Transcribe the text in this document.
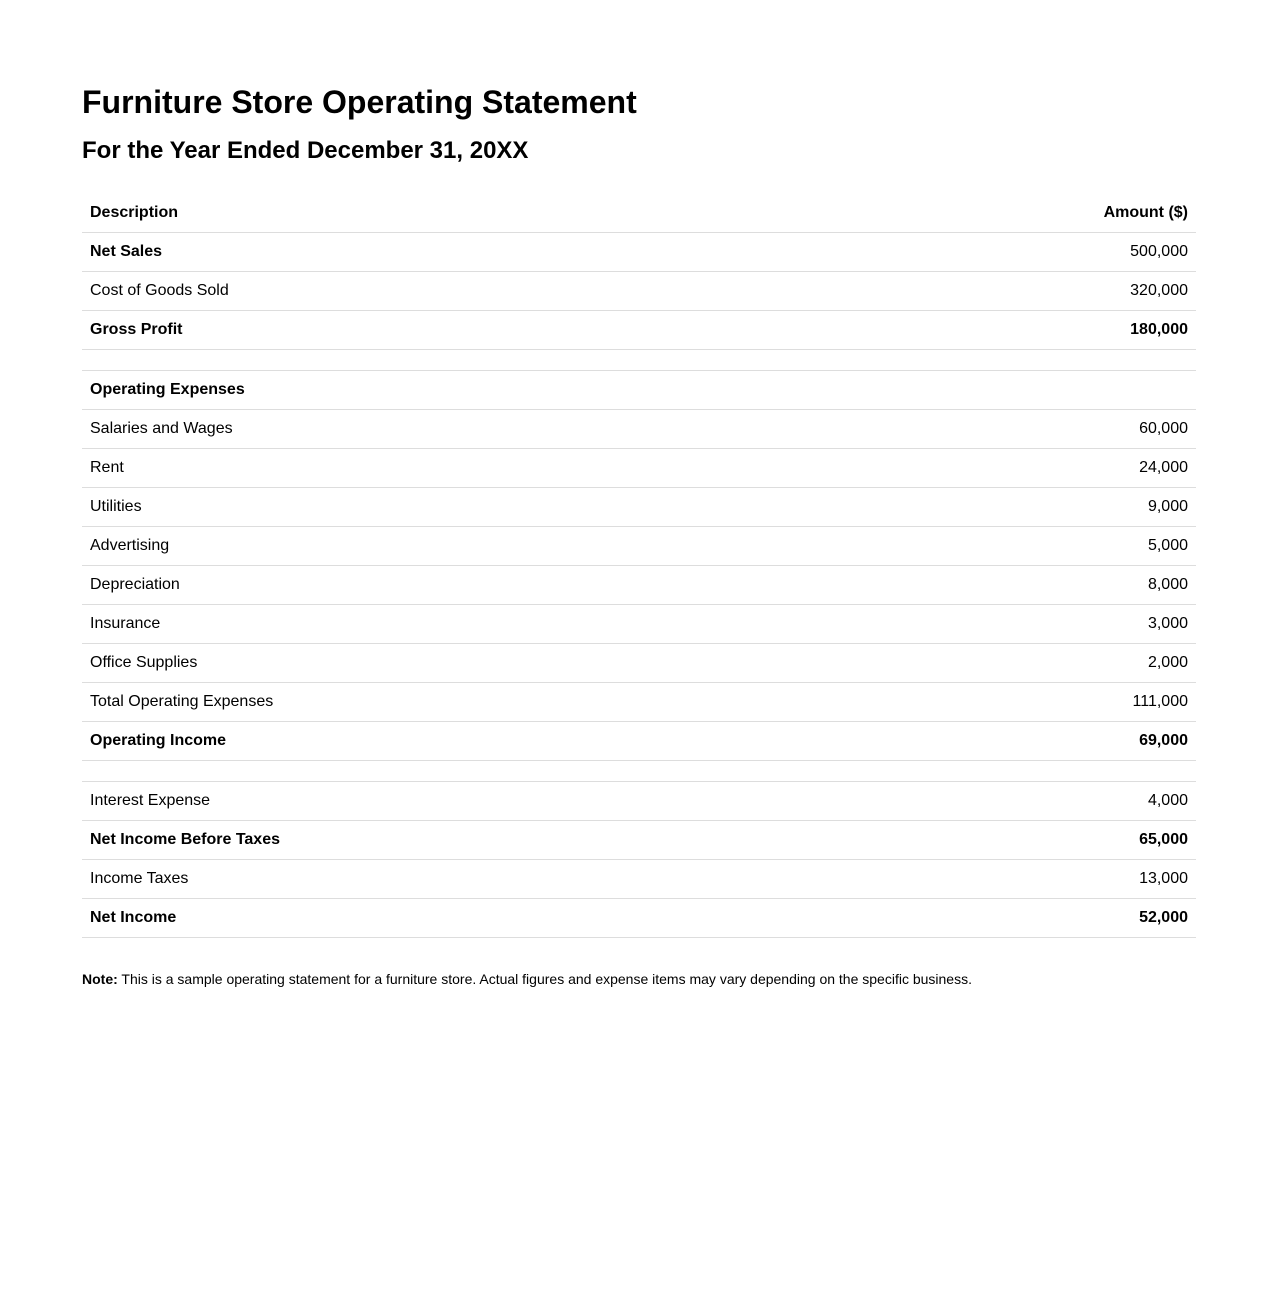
Furniture Store Operating Statement
For the Year Ended December 31, 20XX
Description	Amount ($)
Net Sales	500,000
Cost of Goods Sold	320,000
Gross Profit	180,000

Operating Expenses	
Salaries and Wages	60,000
Rent	24,000
Utilities	9,000
Advertising	5,000
Depreciation	8,000
Insurance	3,000
Office Supplies	2,000
Total Operating Expenses	111,000
Operating Income	69,000

Interest Expense	4,000
Net Income Before Taxes	65,000
Income Taxes	13,000
Net Income	52,000
Note: This is a sample operating statement for a furniture store. Actual figures and expense items may vary depending on the specific business.
